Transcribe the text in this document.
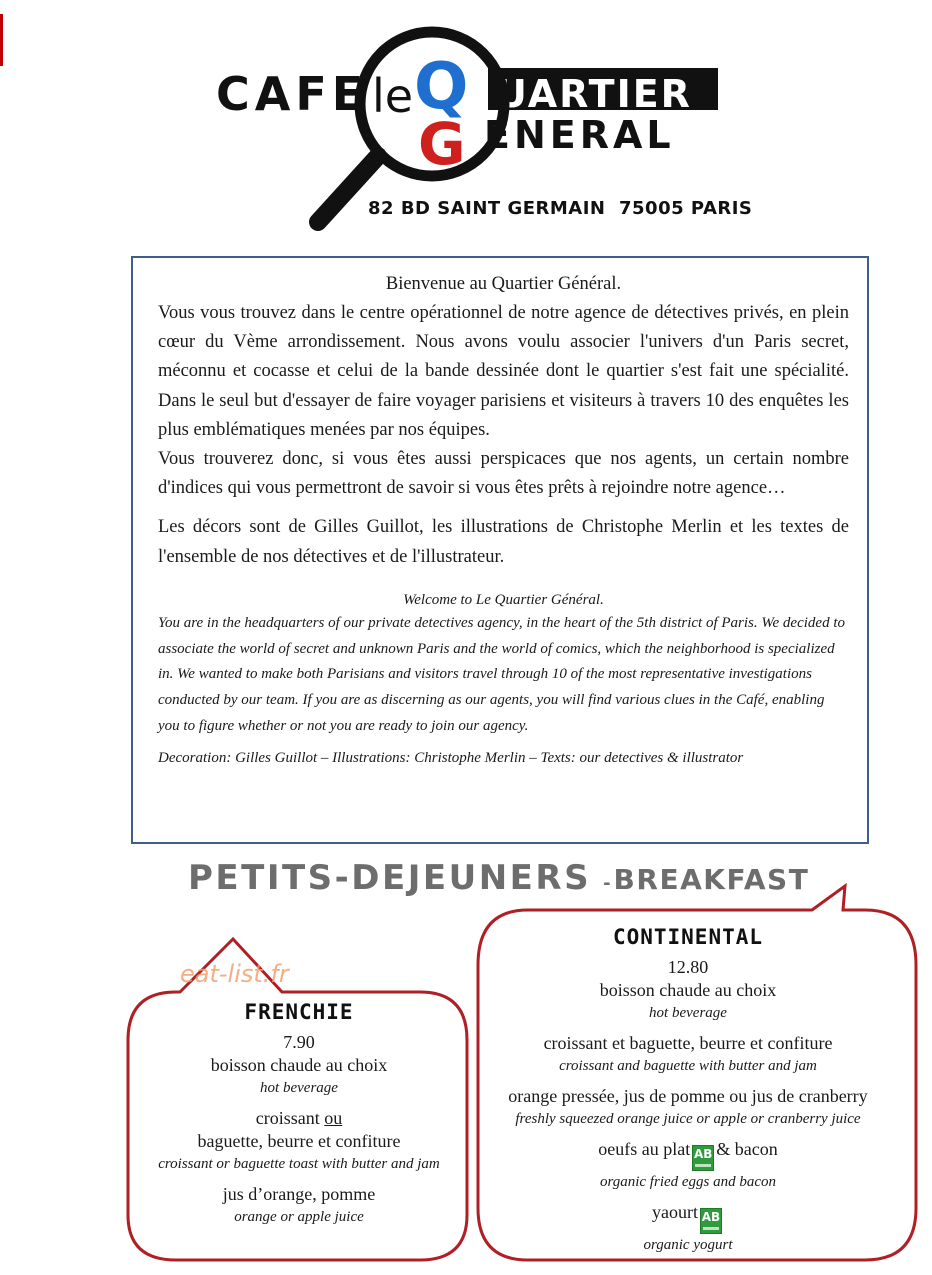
CAFE le UARTIER
ENERAL
Q
G
82 BD SAINT GERMAIN  75005 PARIS

Bienvenue au Quartier Général.

Vous vous trouvez dans le centre opérationnel de notre agence de détectives privés, en plein cœur du Vème arrondissement. Nous avons voulu associer l'univers d'un Paris secret, méconnu et cocasse et celui de la bande dessinée dont le quartier s'est fait une spécialité. Dans le seul but d'essayer de faire voyager parisiens et visiteurs à travers 10 des enquêtes les plus emblématiques menées par nos équipes.

Vous trouverez donc, si vous êtes aussi perspicaces que nos agents, un certain nombre d'indices qui vous permettront de savoir si vous êtes prêts à rejoindre notre agence…

Les décors sont de Gilles Guillot, les illustrations de Christophe Merlin et les textes de l'ensemble de nos détectives et de l'illustrateur.

Welcome to Le Quartier Général.

You are in the headquarters of our private detectives agency, in the heart of the 5th district of Paris. We decided to associate the world of secret and unknown Paris and the world of comics, which the neighborhood is specialized in. We wanted to make both Parisians and visitors travel through 10 of the most representative investigations conducted by our team. If you are as discerning as our agents, you will find various clues in the Café, enabling you to figure whether or not you are ready to join our agency.

Decoration: Gilles Guillot – Illustrations: Christophe Merlin – Texts: our detectives & illustrator

PETITS-DEJEUNERS - BREAKFAST
eat-list.fr

FRENCHIE

7.90

boisson chaude au choix

hot beverage

croissant ou

baguette, beurre et confiture

croissant or baguette toast with butter and jam

jus d’orange, pomme

orange or apple juice

CONTINENTAL

12.80

boisson chaude au choix

hot beverage

croissant et baguette, beurre et confiture

croissant and baguette with butter and jam

orange pressée, jus de pomme ou jus de cranberry

freshly squeezed orange juice or apple or cranberry juice

oeufs au plat AB & bacon

organic fried eggs and bacon

yaourt AB

organic yogurt
